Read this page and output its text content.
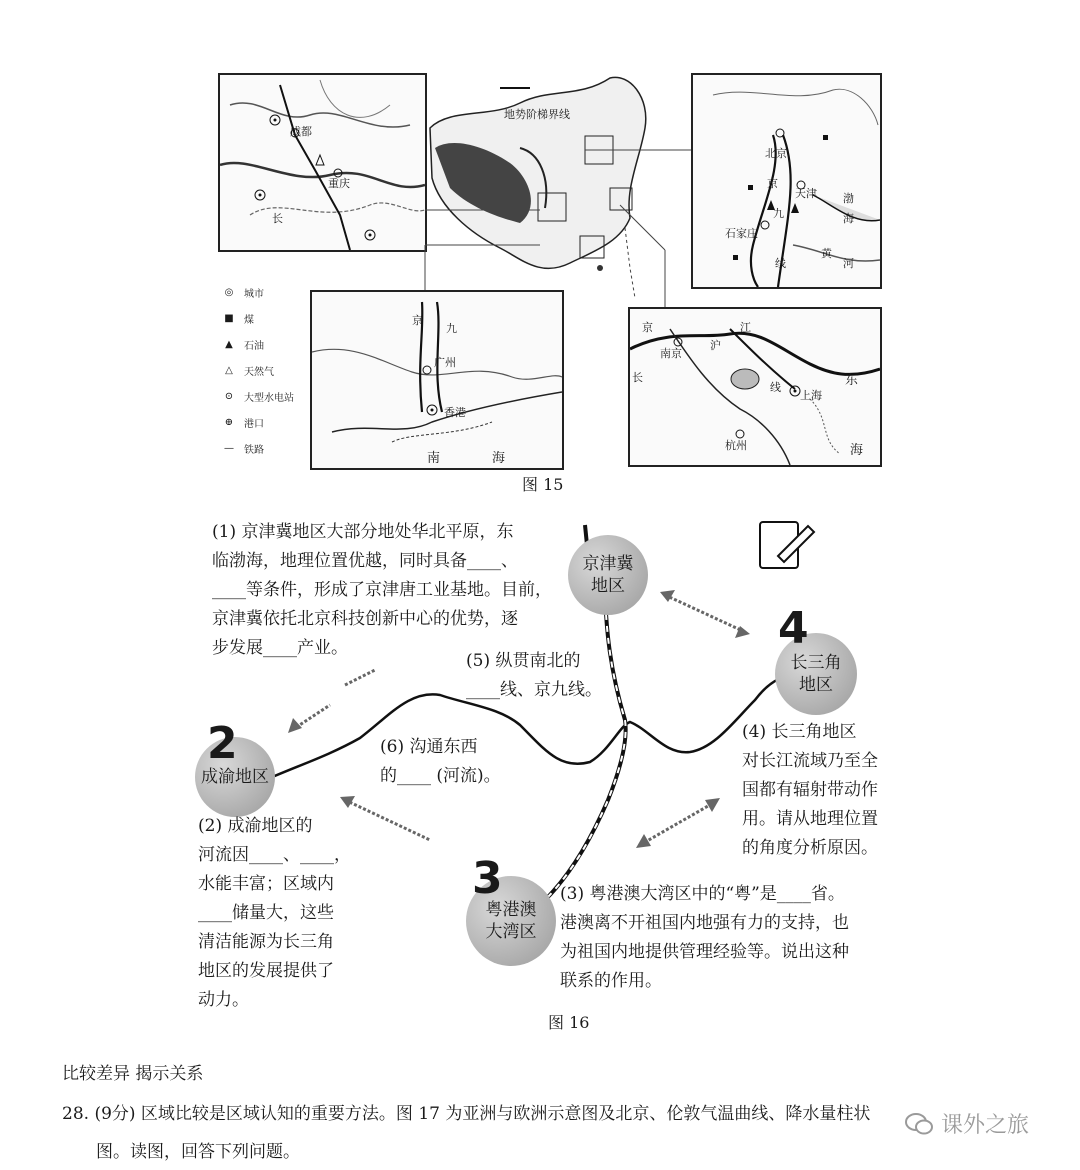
成都
重庆
长
地势阶梯界线
北京
天津
石家庄
渤
海
京
九
线
黄
河
◎ 城市
■ 煤
▲	石油
△	天然气
⊙ 大型水电站
⊕ 港口
— 铁路
广州
香港
南	海
京
九
南京
沪
江
上海
杭州
东
海
长
京
线
图 15
京津冀
地区
成渝地区
粤港澳
大湾区
长三角
地区
2
3
4
(1) 京津冀地区大部分地处华北平原，东
临渤海，地理位置优越，同时具备____、
____等条件，形成了京津唐工业基地。目前，
京津冀依托北京科技创新中心的优势，逐
步发展____产业。
(2) 成渝地区的
河流因____、____，
水能丰富；区域内
____储量大，这些
清洁能源为长三角
地区的发展提供了
动力。
(3) 粤港澳大湾区中的“粤”是____省。
港澳离不开祖国内地强有力的支持，也
为祖国内地提供管理经验等。说出这种
联系的作用。
(4) 长三角地区
对长江流域乃至全
国都有辐射带动作
用。请从地理位置
的角度分析原因。
(5) 纵贯南北的
____线、京九线。
(6) 沟通东西
的____ (河流)。
图 16
比较差异 揭示关系
28. (9分) 区域比较是区域认知的重要方法。图 17 为亚洲与欧洲示意图及北京、伦敦气温曲线、降水量柱状
图。读图，回答下列问题。
课外之旅
